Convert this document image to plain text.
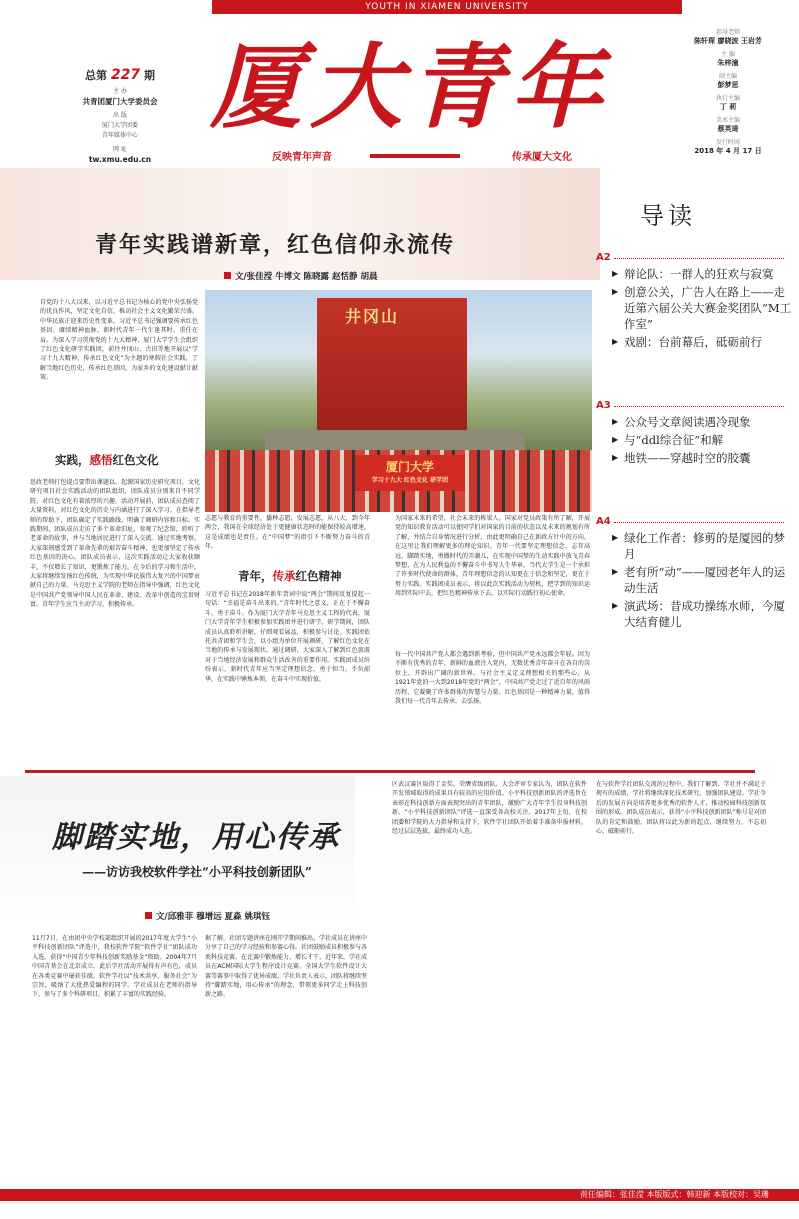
YOUTH IN XIAMEN UNIVERSITY
总第 227 期
主 办
共青团厦门大学委员会
出 版
厦门大学团委
青年媒体中心
网 址
tw.xmu.edu.cn
厦大青年
反映青年声音	传承厦大文化
指导老师
陈轩琛 廖晓波 王岩芳
主 编
朱梓潼
副主编
彭梦思
执行主编
丁 莉
美术主编
蔡英琦
发行时间
2018 年 4 月 17 日
青年实践谱新章，红色信仰永流传
文/张佳滢 牛博文 陈晓露 赵恬静 胡晨
井冈山
厦门大学
学习十九大 红色文化 研学团
自党的十八大以来，以习近平总书记为核心的党中央弘扬党的优良作风，坚定文化自信，推动社会主义文化繁荣兴盛。中华民族正迎来历史性变革，习近平总书记强调要传承红色基因、赓续精神血脉，新时代青年一代生逢其时、重任在肩。为深入学习贯彻党的十九大精神，厦门大学学生会组织了红色文化研学实践团，前往井冈山、古田等地开展以“学习十九大精神，传承红色文化”为主题的寒假社会实践，了解当地红色历史，传承红色基因，为家乡的文化建设献计献策。
实践，感悟红色文化
思政老师打包提点要带出课题以，起源国家历史研究项目，文化研究项目社会实践活动的团队组织，团队成员分别来自不同学院，对红色文化有着浓厚的兴趣。活动开展前，团队成员查阅了大量资料，对红色文化的历史与内涵进行了深入学习。在指导老师的帮助下，团队确定了实践路线，明确了调研内容和目标。实践期间，团队成员走访了多个革命旧址，参观了纪念馆，聆听了老革命的故事，并与当地居民进行了深入交流。通过实地考察，大家深刻感受到了革命先辈的艰苦奋斗精神，也更加坚定了传承红色基因的决心。团队成员表示，这次实践活动让大家收获颇丰，不仅增长了知识，更锻炼了能力。在今后的学习和生活中，大家将继续发扬红色传统，为实现中华民族伟大复兴的中国梦贡献自己的力量。马克思主义学院的老师在指导中强调，红色文化是中国共产党领导中国人民在革命、建设、改革中创造的宝贵财富，青年学生应当主动学习，积极传承。
志愿与教育的重要性，播种志愿，发展志愿，从八大，到今年两会，我国在全球经济处于更健康状态时的能保持较高增速，这是成绩也是责任。在“中国梦”的指引下不断努力奋斗的青年。
青年，传承红色精神
习近平总书记在2018年新年贺词中说“两会”期间反复提起一句话：“幸福是奋斗出来的。”青年时代之意义，正在于不懈奋斗，勇于奋斗。作为厦门大学青年马克思主义工程的代表，厦门大学青年学生积极参加实践团并进行研学，研学期间，团队成员认真聆听讲解，仔细观看展品，积极参与讨论。实践团依托共青团和学生会，以小组为单位开展调研，了解红色文化在当地的传承与发展现状。通过调研，大家深入了解到红色旅游对于当地经济发展和群众生活改善的重要作用。实践团成员纷纷表示，新时代青年应当坚定理想信念，勇于担当，不负韶华，在实践中锤炼本领，在奋斗中实现价值。
为国家未来的希望，社会未来的栋梁人。国家对党员政策有所了解，开展党的知识教育活动可以使同学们对国家的目前的状态以及未来的规划有所了解，并结合自身情况进行分析，由此更明确自己在新政方针中的方向，在这里让我们理解更多的理论知识。青年一代要坚定理想信念，志存高远，脚踏实地，勇做时代的弄潮儿，在实现中国梦的生动实践中放飞青春梦想，在为人民利益的不懈奋斗中书写人生华章。当代大学生是一个承担了许多时代使命的群体，青年理想信念的认知更在于信念和坚定，更在于努力实践。实践团成员表示，将以此次实践活动为契机，把学到的知识运用到实际中去，把红色精神传承下去，以实际行动践行初心使命。
每一代中国共产党人都会遇到新考验，但中国共产党永远都会年轻。因为不断有优秀的青年，新鲜的血液注入党内，无数优秀青年奋斗在各自的岗位上，开辟出广阔的新世界。与社会主义定义理想相关的那些心，从1921年党的一大到2018年党的“两会”，中国共产党走过了近百年的风雨历程，它凝聚了许多群体的智慧与力量。红色基因是一种精神力量，值得我们每一代青年去传承，去弘扬。
导读
A2
▶ 辩论队：一群人的狂欢与寂寞
▶ 创意公关，广告人在路上——走近第六届公关大赛金奖团队“M工作室”
▶ 戏剧：台前幕后，砥砺前行
A3
▶ 公众号文章阅读遇冷现象
▶ 与“ddl综合征”和解
▶ 地铁——穿越时空的胶囊
A4
▶ 绿化工作者：修剪的是厦园的梦月
▶ 老有所“动”——厦园老年人的运动生活
▶ 演武场：昔成功操练水师，今厦大结育健儿
脚踏实地，用心传承
——访访我校软件学社“小平科技创新团队”
文/邱雅菲 穆增远 夏淼 姚琪钰
11月7日，在由团中央学校部组织开展的2017年度大学生“小平科技创新团队”评选中，我校软件学院“软件学社”团队成功入选。获得“中国青少年科技创新奖励基金”资助。2004年7月中国青基会在北京成立，此后学社活动开展得有声有色，成员在各类竞赛中屡获佳绩。软件学社以“技术共享、服务社会”为宗旨，吸纳了大批热爱编程的同学。学社成员在老师的指导下，参与了多个科研项目，积累了丰富的实践经验。
据了解，社团专题讲座在刚开学期间推出，学社成员在讲座中分享了自己的学习经验和参赛心得。社团鼓励成员积极参与各类科技竞赛，在比赛中锻炼能力、增长才干。近年来，学社成员在ACM国际大学生程序设计竞赛、全国大学生软件设计大赛等赛事中取得了优异成绩。学社负责人表示，团队将继续坚持“脚踏实地，用心传承”的理念，带领更多同学走上科技创新之路。
区武汉赛区取得了金奖，荣膺省级团队。大会评审专家认为，团队在软件开发领域取得的成果具有较高的应用价值。小平科技创新团队的评选旨在表彰在科技创新方面表现突出的青年团队，激励广大青年学生投身科技创新。“小平科技创新团队”评选一直深受各高校关注。2017年上旬，在校团委和学院的大力指导和支持下，软件学社团队开始着手准备申报材料，经过层层选拔，最终成功入选。
在与软件学社团队交流的过程中，我们了解到，学社并不满足于现有的成绩，学社将继续深化技术研究，加强团队建设。学社今后的发展方向是培养更多优秀的软件人才，推动校园科技创新氛围的形成。团队成员表示，获得“小平科技创新团队”称号是对团队的肯定和鼓励，团队将以此为新的起点，继续努力，不忘初心，砥砺前行。
责任编辑：张佳滢 本版版式：韩迎新 本版校对：吴珊
